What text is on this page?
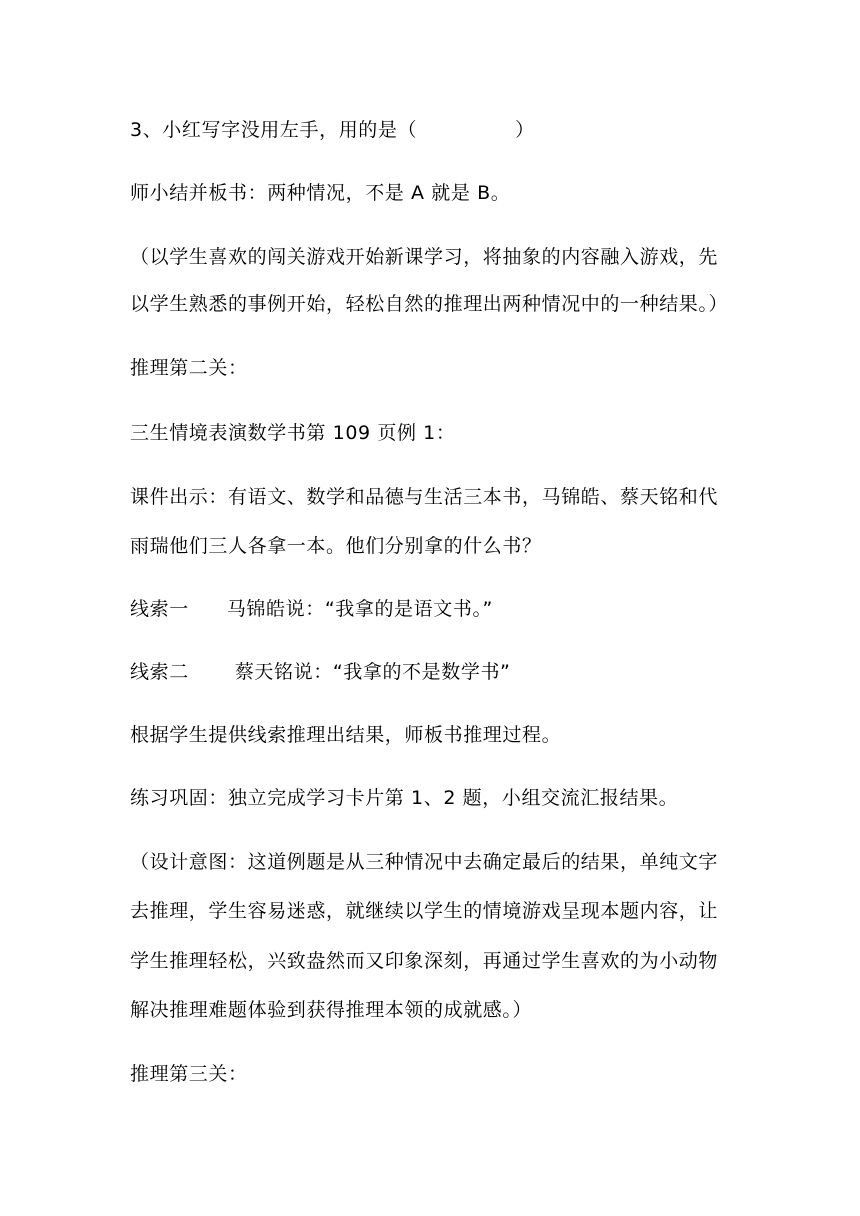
3、小红写字没用左手，用的是（　　　　　）
师小结并板书：两种情况，不是 A 就是 B。
（以学生喜欢的闯关游戏开始新课学习，将抽象的内容融入游戏，先
以学生熟悉的事例开始，轻松自然的推理出两种情况中的一种结果。）
推理第二关：
三生情境表演数学书第 109 页例 1：
课件出示：有语文、数学和品德与生活三本书，马锦皓、蔡天铭和代
雨瑞他们三人各拿一本。他们分别拿的什么书？
线索一 马锦皓说：“我拿的是语文书。”
线索二 蔡天铭说：“我拿的不是数学书”
根据学生提供线索推理出结果，师板书推理过程。
练习巩固：独立完成学习卡片第 1、2 题，小组交流汇报结果。
（设计意图：这道例题是从三种情况中去确定最后的结果，单纯文字
去推理，学生容易迷惑，就继续以学生的情境游戏呈现本题内容，让
学生推理轻松，兴致盎然而又印象深刻，再通过学生喜欢的为小动物
解决推理难题体验到获得推理本领的成就感。）
推理第三关：
